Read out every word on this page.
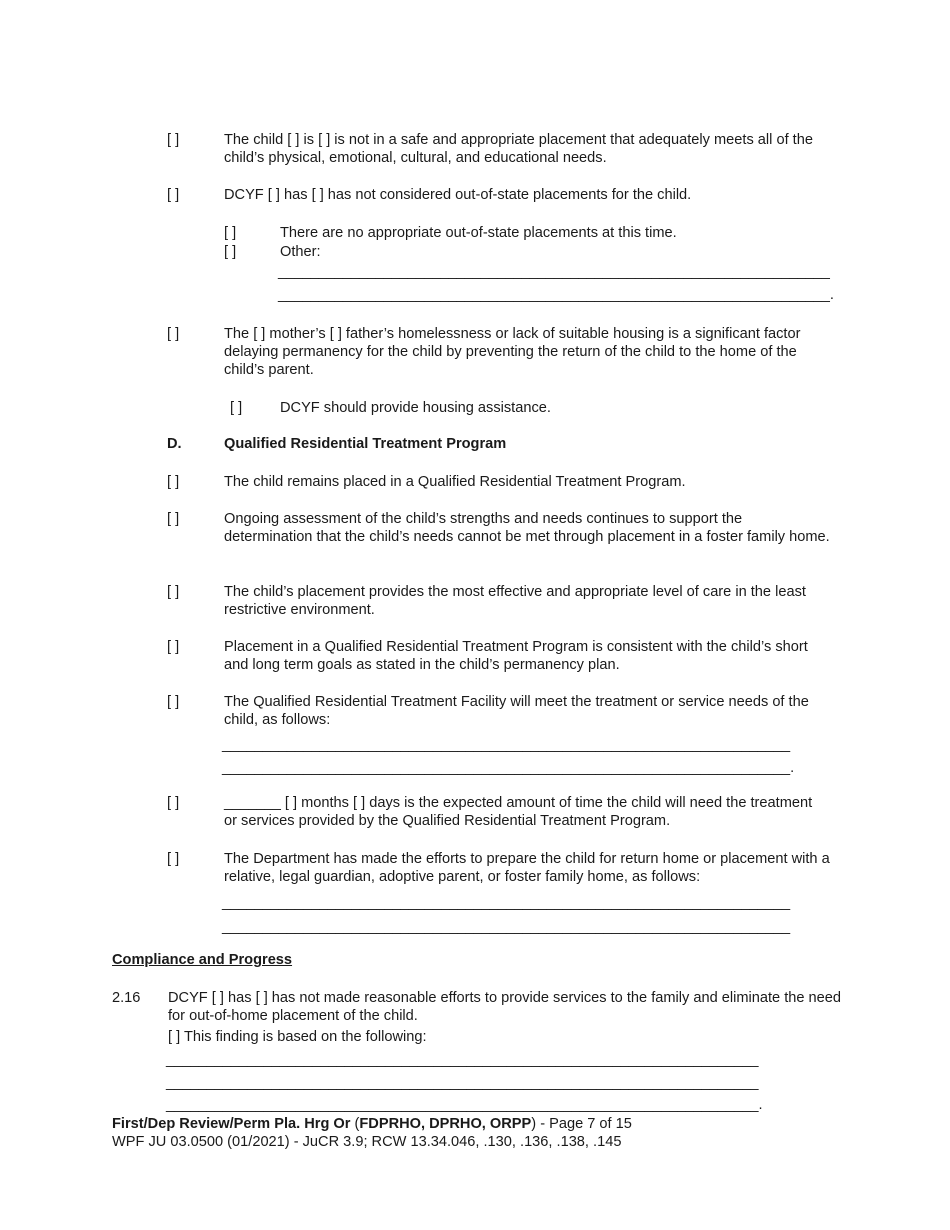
[ ]	The child [ ] is [ ] is not in a safe and appropriate placement that adequately meets all of the child’s physical, emotional, cultural, and educational needs.
[ ]	DCYF [ ] has [ ] has not considered out-of-state placements for the child.
[ ]	There are no appropriate out-of-state placements at this time.
[ ]	Other:
____________________________________________________________________
____________________________________________________________________.
[ ]	The [ ] mother’s [ ] father’s homelessness or lack of suitable housing is a significant factor delaying permanency for the child by preventing the return of the child to the home of the child’s parent.
[ ]	DCYF should provide housing assistance.
D.	Qualified Residential Treatment Program
[ ]	The child remains placed in a Qualified Residential Treatment Program.
[ ]	Ongoing assessment of the child’s strengths and needs continues to support the determination that the child’s needs cannot be met through placement in a foster family home.
[ ]	The child’s placement provides the most effective and appropriate level of care in the least restrictive environment.
[ ]	Placement in a Qualified Residential Treatment Program is consistent with the child’s short and long term goals as stated in the child’s permanency plan.
[ ]	The Qualified Residential Treatment Facility will meet the treatment or service needs of the child, as follows:
______________________________________________________________________
______________________________________________________________________.
[ ]	_______ [ ] months [ ] days is the expected amount of time the child will need the treatment or services provided by the Qualified Residential Treatment Program.
[ ]	The Department has made the efforts to prepare the child for return home or placement with a relative, legal guardian, adoptive parent, or foster family home, as follows:
______________________________________________________________________
______________________________________________________________________
Compliance and Progress
2.16 DCYF [ ] has [ ] has not made reasonable efforts to provide services to the family and eliminate the need for out-of-home placement of the child.
[ ] This finding is based on the following:
_________________________________________________________________________
_________________________________________________________________________
_________________________________________________________________________.
First/Dep Review/Perm Pla. Hrg Or (FDPRHO, DPRHO, ORPP) - Page 7 of 15
WPF JU 03.0500 (01/2021) - JuCR 3.9; RCW 13.34.046, .130, .136, .138, .145
